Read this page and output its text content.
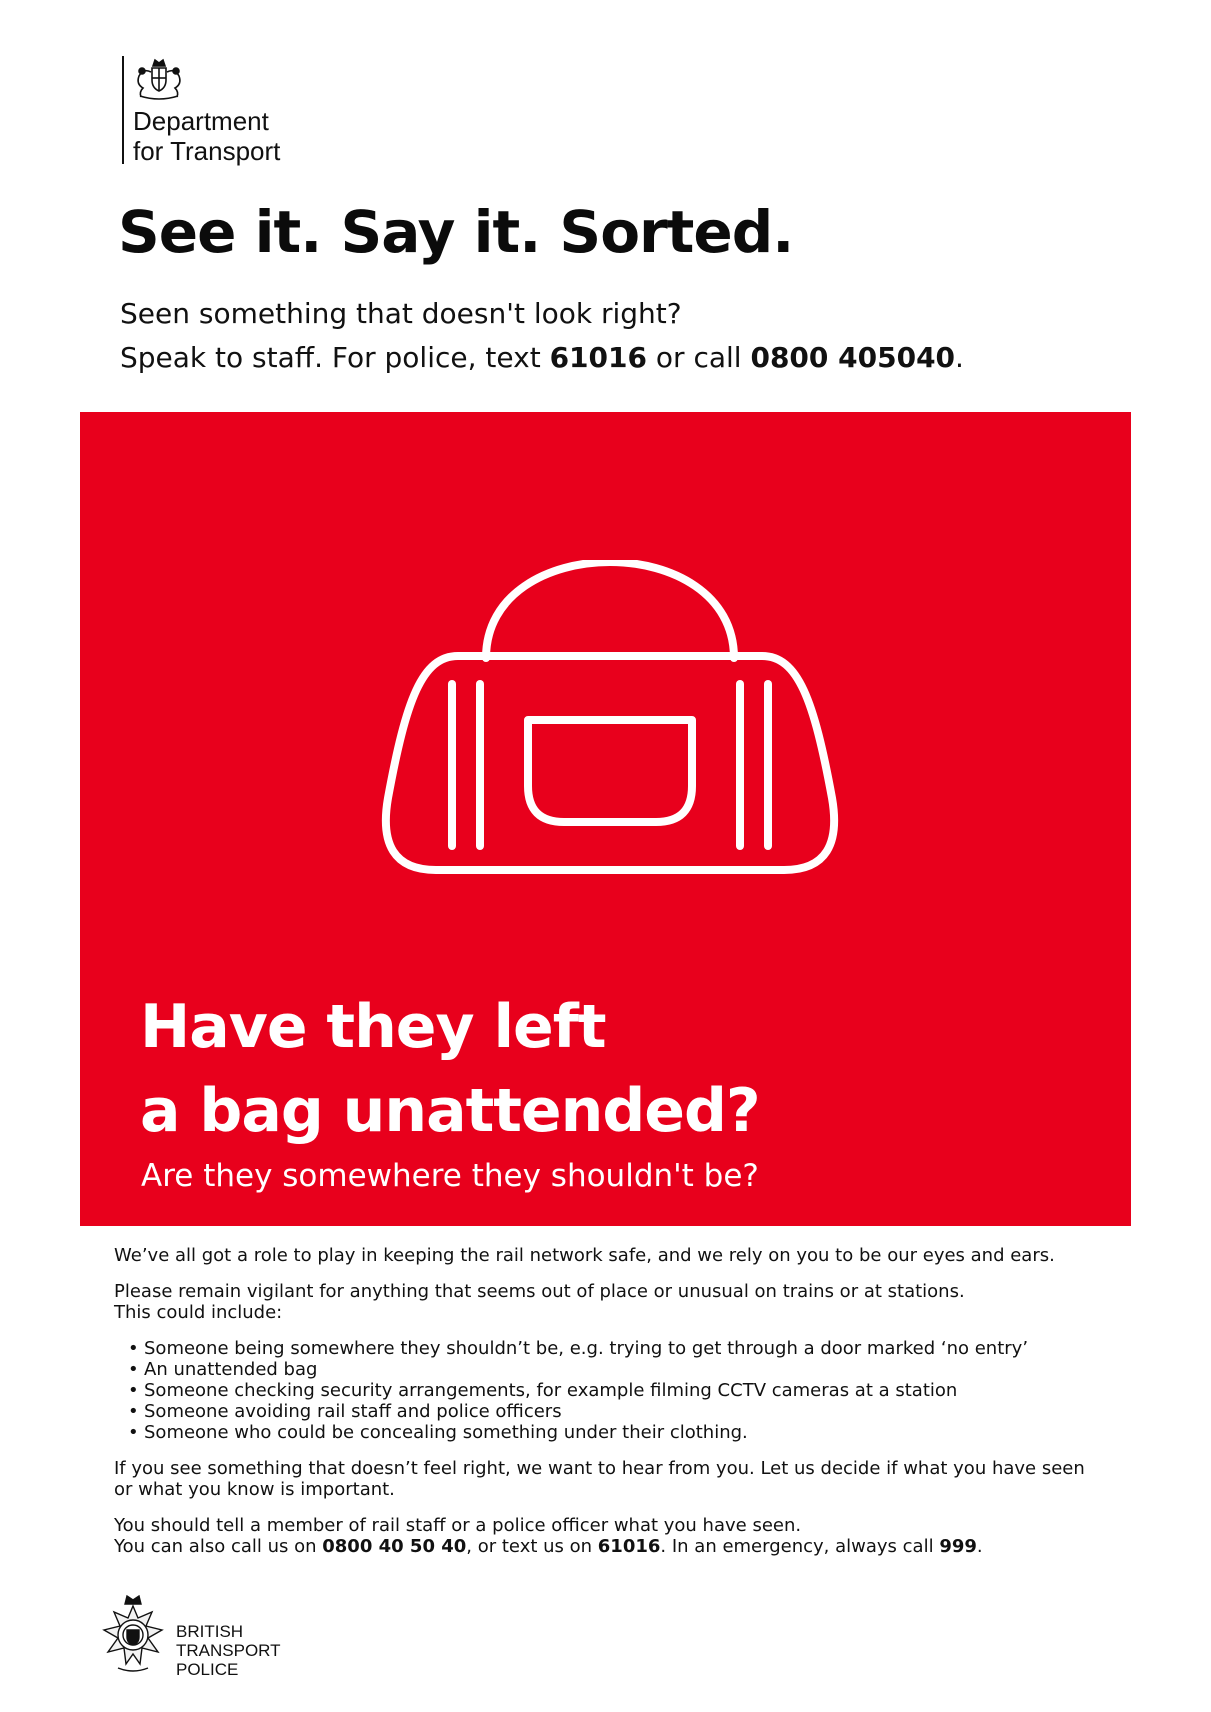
Department
for Transport
See it. Say it. Sorted.
Seen something that doesn't look right?
Speak to staff. For police, text 61016 or call 0800 405040.
Have they left
a bag unattended?
Are they somewhere they shouldn't be?

We’ve all got a role to play in keeping the rail network safe, and we rely on you to be our eyes and ears.

Please remain vigilant for anything that seems out of place or unusual on trains or at stations.
This could include:

• Someone being somewhere they shouldn’t be, e.g. trying to get through a door marked ‘no entry’
• An unattended bag
• Someone checking security arrangements, for example filming CCTV cameras at a station
• Someone avoiding rail staff and police officers
• Someone who could be concealing something under their clothing.

If you see something that doesn’t feel right, we want to hear from you. Let us decide if what you have seen or what you know is important.

You should tell a member of rail staff or a police officer what you have seen.
You can also call us on 0800 40 50 40, or text us on 61016. In an emergency, always call 999.

BRITISH
TRANSPORT
POLICE
